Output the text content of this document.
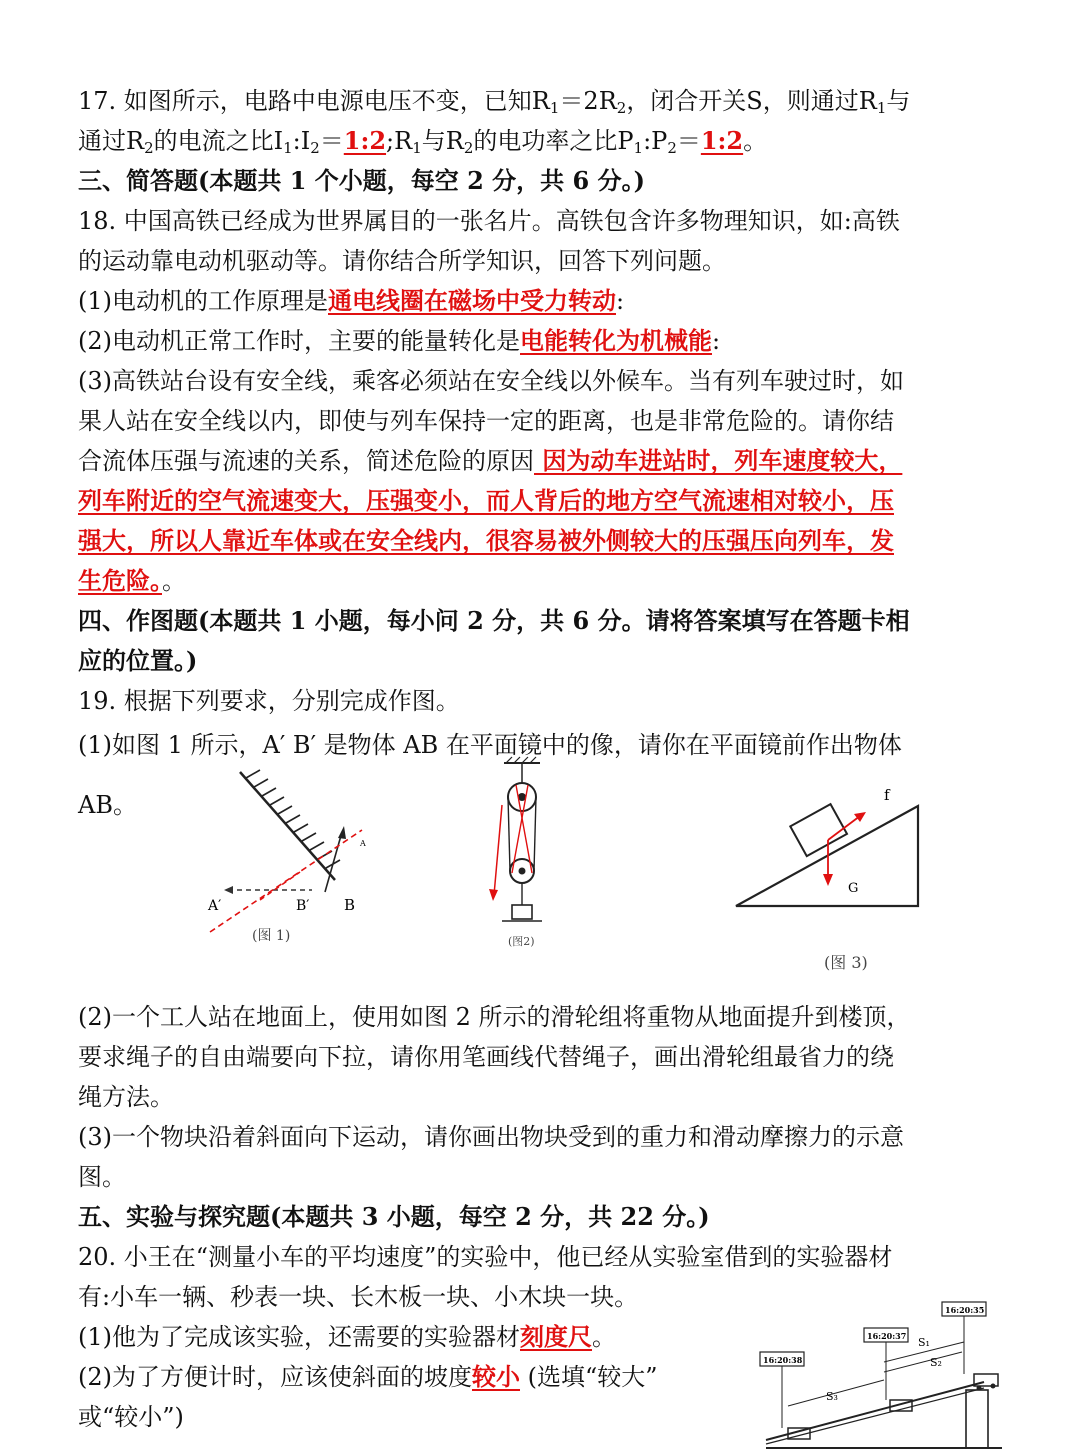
17. 如图所示，电路中电源电压不变，已知$R_1=2R_2$，闭合开关S，则通过$R_1$与
通过$R_2$的电流之比$I_1:I_2=1:2;R_1$与$R_2$的电功率之比$P_1:P_2=1:2$。
三、简答题(本题共 1 个小题，每空 2 分，共 6 分。)
18. 中国高铁已经成为世界属目的一张名片。高铁包含许多物理知识，如:高铁
的运动靠电动机驱动等。请你结合所学知识，回答下列问题。
(1)电动机的工作原理是通电线圈在磁场中受力转动:
(2)电动机正常工作时，主要的能量转化是电能转化为机械能:
(3)高铁站台设有安全线，乘客必须站在安全线以外候车。当有列车驶过时，如
果人站在安全线以内，即使与列车保持一定的距离，也是非常危险的。请你结
合流体压强与流速的关系，简述危险的原因 因为动车进站时，列车速度较大，
列车附近的空气流速变大，压强变小，而人背后的地方空气流速相对较小，压
强大，所以人靠近车体或在安全线内，很容易被外侧较大的压强压向列车，发
生危险。。
四、作图题(本题共 1 小题，每小问 2 分，共 6 分。请将答案填写在答题卡相
应的位置。)
19. 根据下列要求，分别完成作图。
(1)如图 1 所示，A′ B′ 是物体 AB 在平面镜中的像，请你在平面镜前作出物体
AB。
A′	B′ B
A
(图 1)	(图2)
f
G
(图 3)
(2)一个工人站在地面上，使用如图 2 所示的滑轮组将重物从地面提升到楼顶，
要求绳子的自由端要向下拉，请你用笔画线代替绳子，画出滑轮组最省力的绕
绳方法。
(3)一个物块沿着斜面向下运动，请你画出物块受到的重力和滑动摩擦力的示意
图。
五、实验与探究题(本题共 3 小题，每空 2 分，共 22 分。)
20. 小王在“测量小车的平均速度”的实验中，他已经从实验室借到的实验器材
有:小车一辆、秒表一块、长木板一块、小木块一块。
(1)他为了完成该实验，还需要的实验器材刻度尺。
(2)为了方便计时，应该使斜面的坡度较小 (选填“较大”
或“较小”)
16:20:35
16:20:37
16:20:38
S₁
S₂
S₃
